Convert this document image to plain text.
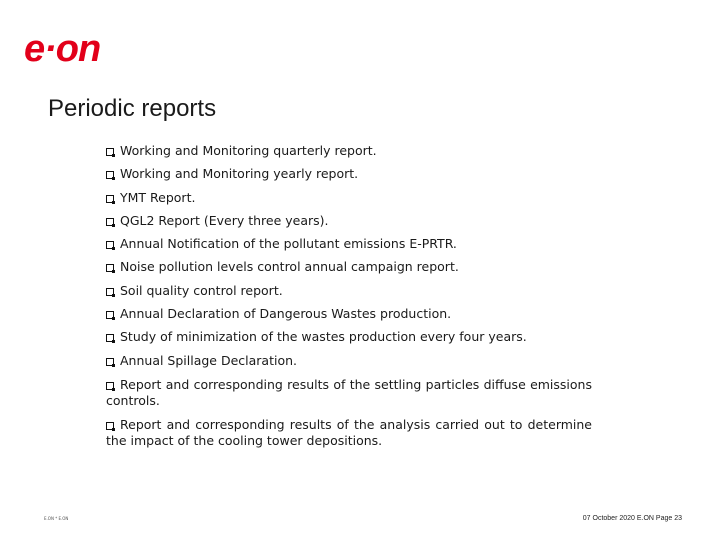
e·on
Periodic reports
Working and Monitoring quarterly report.
Working and Monitoring yearly report.
YMT Report.
QGL2 Report (Every three years).
Annual Notification of the pollutant emissions E-PRTR.
Noise pollution levels control annual campaign report.
Soil quality control report.
Annual Declaration of Dangerous Wastes production.
Study of minimization of the wastes production every four years.
Annual Spillage Declaration.
Report and corresponding results of the settling particles diffuse emissions controls.
Report and corresponding results of the analysis carried out to determine the impact of the cooling tower depositions.
E.ON * E.ON	07 October 2020 E.ON Page 23
